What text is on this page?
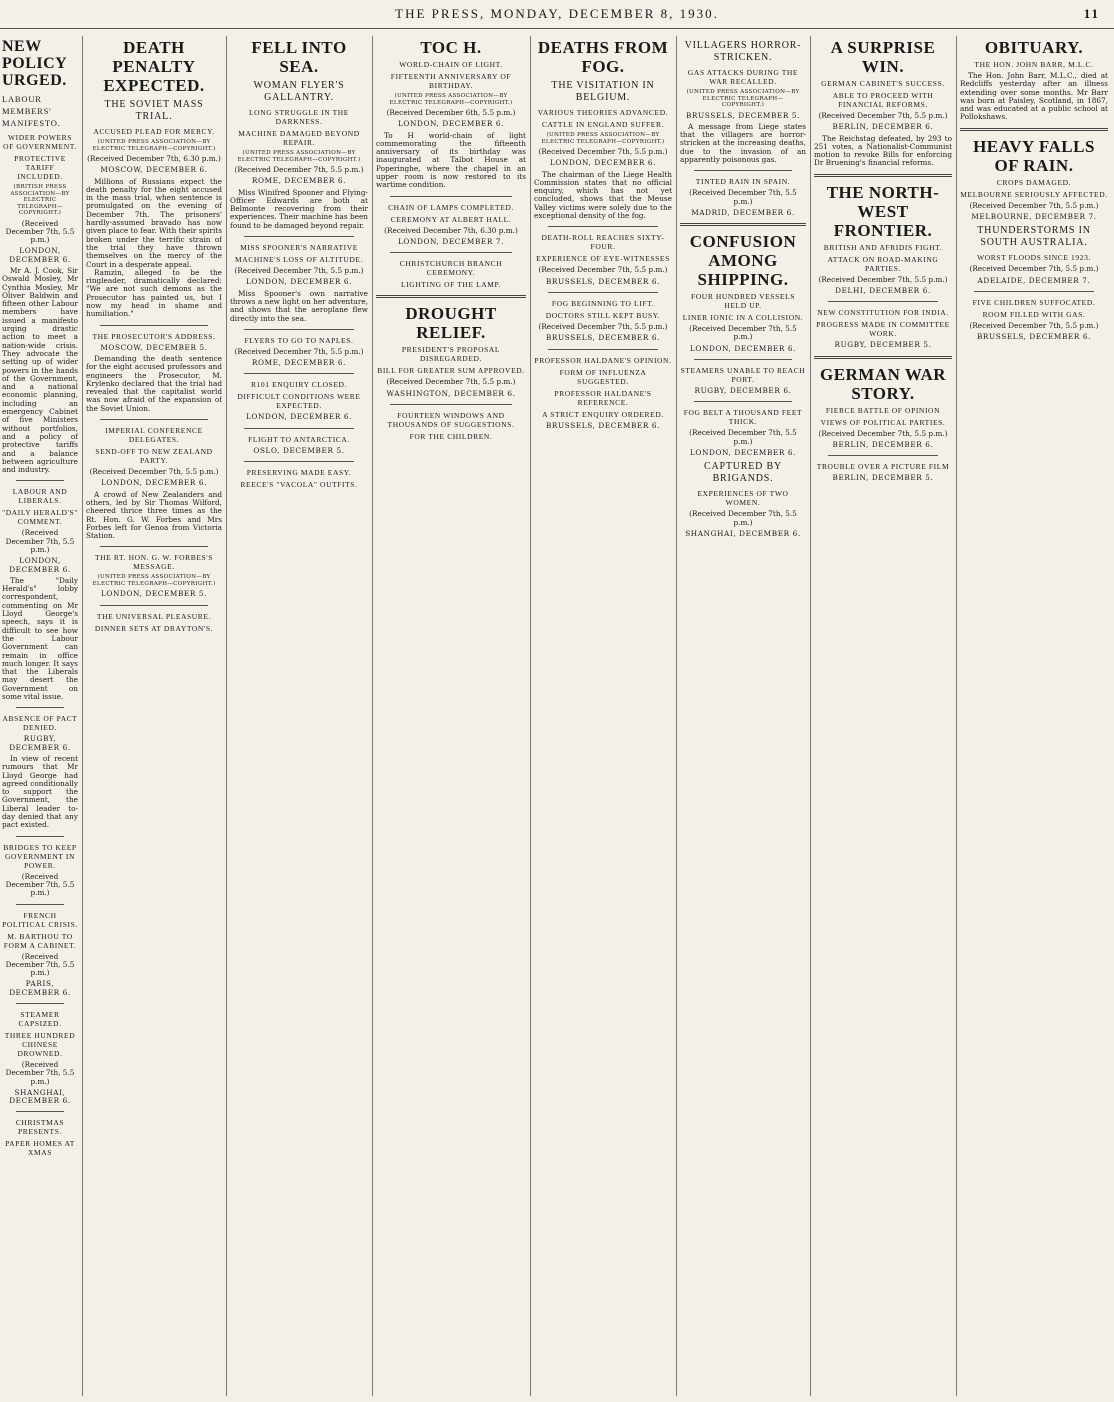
THE PRESS, MONDAY, DECEMBER 8, 1930.	11
NEW POLICY URGED.
LABOUR MEMBERS' MANIFESTO.
WIDER POWERS OF GOVERNMENT.
PROTECTIVE TARIFF INCLUDED.
(BRITISH PRESS ASSOCIATION—BY ELECTRIC TELEGRAPH—COPYRIGHT.)
(Received December 7th, 5.5 p.m.)
LONDON, DECEMBER 6.

Mr A. J. Cook, Sir Oswald Mosley, Mr Cynthia Mosley, Mr Oliver Baldwin and fifteen other Labour members have issued a manifesto urging drastic action to meet a nation-wide crisis. They advocate the setting up of wider powers in the hands of the Government, and a national economic planning, including an emergency Cabinet of five Ministers without portfolios, and a policy of protective tariffs and a balance between agriculture and industry.

LABOUR AND LIBERALS.
"DAILY HERALD'S" COMMENT.
(Received December 7th, 5.5 p.m.)
LONDON, DECEMBER 6.

The "Daily Herald's" lobby correspondent, commenting on Mr Lloyd George's speech, says it is difficult to see how the Labour Government can remain in office much longer. It says that the Liberals may desert the Government on some vital issue.

ABSENCE OF PACT DENIED.
RUGBY, DECEMBER 6.

In view of recent rumours that Mr Lloyd George had agreed conditionally to support the Government, the Liberal leader to-day denied that any pact existed.

BRIDGES TO KEEP GOVERNMENT IN POWER.
(Received December 7th, 5.5 p.m.)
FRENCH POLITICAL CRISIS.
M. BARTHOU TO FORM A CABINET.
(Received December 7th, 5.5 p.m.)
PARIS, DECEMBER 6.
STEAMER CAPSIZED.
THREE HUNDRED CHINESE DROWNED.
(Received December 7th, 5.5 p.m.)
SHANGHAI, DECEMBER 6.
CHRISTMAS PRESENTS.
PAPER HOMES AT XMAS
DEATH PENALTY EXPECTED.
THE SOVIET MASS TRIAL.
ACCUSED PLEAD FOR MERCY.
(UNITED PRESS ASSOCIATION—BY ELECTRIC TELEGRAPH—COPYRIGHT.)
(Received December 7th, 6.30 p.m.)
MOSCOW, DECEMBER 6.

Millions of Russians expect the death penalty for the eight accused in the mass trial, when sentence is promulgated on the evening of December 7th. The prisoners' hardly-assumed bravado has now given place to fear. With their spirits broken under the terrific strain of the trial they have thrown themselves on the mercy of the Court in a desperate appeal.

Ramzin, alleged to be the ringleader, dramatically declared: "We are not such demons as the Prosecutor has painted us, but I now my head in shame and humiliation."

THE PROSECUTOR'S ADDRESS.
MOSCOW, DECEMBER 5.

Demanding the death sentence for the eight accused professors and engineers the Prosecutor, M. Krylenko declared that the trial had revealed that the capitalist world was now afraid of the expansion of the Soviet Union.

IMPERIAL CONFERENCE DELEGATES.
SEND-OFF TO NEW ZEALAND PARTY.
(Received December 7th, 5.5 p.m.)
LONDON, DECEMBER 6.

A crowd of New Zealanders and others, led by Sir Thomas Wilford, cheered thrice three times as the Rt. Hon. G. W. Forbes and Mrs Forbes left for Genoa from Victoria Station.

THE RT. HON. G. W. FORBES'S MESSAGE.
(UNITED PRESS ASSOCIATION—BY ELECTRIC TELEGRAPH—COPYRIGHT.)
LONDON, DECEMBER 5.
THE UNIVERSAL PLEASURE.
DINNER SETS AT DRAYTON'S.
FELL INTO SEA.
WOMAN FLYER'S GALLANTRY.
LONG STRUGGLE IN THE DARKNESS.
MACHINE DAMAGED BEYOND REPAIR.
(UNITED PRESS ASSOCIATION—BY ELECTRIC TELEGRAPH—COPYRIGHT.)
(Received December 7th, 5.5 p.m.)
ROME, DECEMBER 6.

Miss Winifred Spooner and Flying-Officer Edwards are both at Belmonte recovering from their experiences. Their machine has been found to be damaged beyond repair.

MISS SPOONER'S NARRATIVE
MACHINE'S LOSS OF ALTITUDE.
(Received December 7th, 5.5 p.m.)
LONDON, DECEMBER 6.

Miss Spooner's own narrative throws a new light on her adventure, and shows that the aeroplane flew directly into the sea.

FLYERS TO GO TO NAPLES.
(Received December 7th, 5.5 p.m.)
ROME, DECEMBER 6.
R101 ENQUIRY CLOSED.
DIFFICULT CONDITIONS WERE EXPECTED.
LONDON, DECEMBER 6.
FLIGHT TO ANTARCTICA.
OSLO, DECEMBER 5.
PRESERVING MADE EASY.
REECE'S "VACOLA" OUTFITS.
TOC H.
WORLD-CHAIN OF LIGHT.
FIFTEENTH ANNIVERSARY OF BIRTHDAY.
(UNITED PRESS ASSOCIATION—BY ELECTRIC TELEGRAPH—COPYRIGHT.)
(Received December 6th, 5.5 p.m.)
LONDON, DECEMBER 6.

To H world-chain of light commemorating the fifteenth anniversary of its birthday was inaugurated at Talbot House at Poperinghe, where the chapel in an upper room is now restored to its wartime condition.

CHAIN OF LAMPS COMPLETED.
CEREMONY AT ALBERT HALL.
(Received December 7th, 6.30 p.m.)
LONDON, DECEMBER 7.
CHRISTCHURCH BRANCH CEREMONY.
LIGHTING OF THE LAMP.
DROUGHT RELIEF.
PRESIDENT'S PROPOSAL DISREGARDED.
BILL FOR GREATER SUM APPROVED.
(Received December 7th, 5.5 p.m.)
WASHINGTON, DECEMBER 6.
FOURTEEN WINDOWS AND THOUSANDS OF SUGGESTIONS.
FOR THE CHILDREN.
DEATHS FROM FOG.
THE VISITATION IN BELGIUM.
VARIOUS THEORIES ADVANCED.
CATTLE IN ENGLAND SUFFER.
(UNITED PRESS ASSOCIATION—BY ELECTRIC TELEGRAPH—COPYRIGHT.)
(Received December 7th, 5.5 p.m.)
LONDON, DECEMBER 6.

The chairman of the Liege Health Commission states that no official enquiry, which has not yet concluded, shows that the Meuse Valley victims were solely due to the exceptional density of the fog.

DEATH-ROLL REACHES SIXTY-FOUR.
EXPERIENCE OF EYE-WITNESSES
(Received December 7th, 5.5 p.m.)
BRUSSELS, DECEMBER 6.
FOG BEGINNING TO LIFT.
DOCTORS STILL KEPT BUSY.
(Received December 7th, 5.5 p.m.)
BRUSSELS, DECEMBER 6.
PROFESSOR HALDANE'S OPINION.
FORM OF INFLUENZA SUGGESTED.
PROFESSOR HALDANE'S REFERENCE.
A STRICT ENQUIRY ORDERED.
BRUSSELS, DECEMBER 6.
VILLAGERS HORROR-STRICKEN.
GAS ATTACKS DURING THE WAR RECALLED.
(UNITED PRESS ASSOCIATION—BY ELECTRIC TELEGRAPH—COPYRIGHT.)
BRUSSELS, DECEMBER 5.

A message from Liege states that the villagers are horror-stricken at the increasing deaths, due to the invasion of an apparently poisonous gas.

TINTED RAIN IN SPAIN.
(Received December 7th, 5.5 p.m.)
MADRID, DECEMBER 6.
CONFUSION AMONG SHIPPING.
FOUR HUNDRED VESSELS HELD UP.
LINER IONIC IN A COLLISION.
(Received December 7th, 5.5 p.m.)
LONDON, DECEMBER 6.
STEAMERS UNABLE TO REACH PORT.
RUGBY, DECEMBER 6.
FOG BELT A THOUSAND FEET THICK.
(Received December 7th, 5.5 p.m.)
LONDON, DECEMBER 6.
CAPTURED BY BRIGANDS.
EXPERIENCES OF TWO WOMEN.
(Received December 7th, 5.5 p.m.)
SHANGHAI, DECEMBER 6.
A SURPRISE WIN.
GERMAN CABINET'S SUCCESS.
ABLE TO PROCEED WITH FINANCIAL REFORMS.
(Received December 7th, 5.5 p.m.)
BERLIN, DECEMBER 6.

The Reichstag defeated, by 293 to 251 votes, a Nationalist-Communist motion to revoke Bills for enforcing Dr Bruening's financial reforms.

THE NORTH-WEST FRONTIER.
BRITISH AND AFRIDIS FIGHT.
ATTACK ON ROAD-MAKING PARTIES.
(Received December 7th, 5.5 p.m.)
DELHI, DECEMBER 6.
NEW CONSTITUTION FOR INDIA.
PROGRESS MADE IN COMMITTEE WORK.
RUGBY, DECEMBER 5.
GERMAN WAR STORY.
FIERCE BATTLE OF OPINION
VIEWS OF POLITICAL PARTIES.
(Received December 7th, 5.5 p.m.)
BERLIN, DECEMBER 6.
TROUBLE OVER A PICTURE FILM
BERLIN, DECEMBER 5.
OBITUARY.
THE HON. JOHN BARR, M.L.C.

The Hon. John Barr, M.L.C., died at Redcliffs yesterday after an illness extending over some months. Mr Barr was born at Paisley, Scotland, in 1867, and was educated at a public school at Pollokshaws.

HEAVY FALLS OF RAIN.
CROPS DAMAGED.
MELBOURNE SERIOUSLY AFFECTED.
(Received December 7th, 5.5 p.m.)
MELBOURNE, DECEMBER 7.
THUNDERSTORMS IN SOUTH AUSTRALIA.
WORST FLOODS SINCE 1923.
(Received December 7th, 5.5 p.m.)
ADELAIDE, DECEMBER 7.
FIVE CHILDREN SUFFOCATED.
ROOM FILLED WITH GAS.
(Received December 7th, 5.5 p.m.)
BRUSSELS, DECEMBER 6.
